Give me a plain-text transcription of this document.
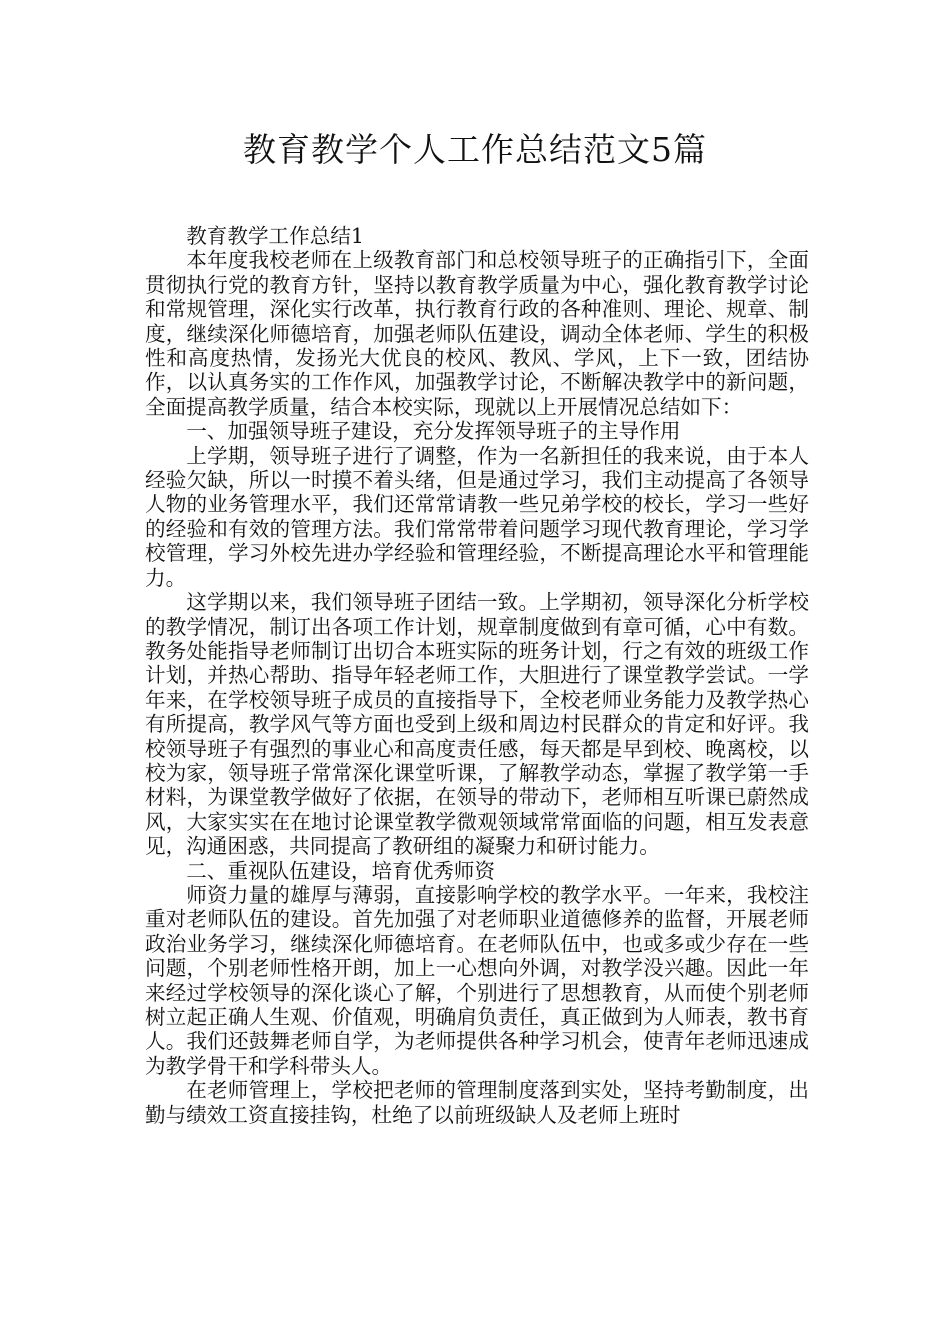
教育教学个人工作总结范文5篇

教育教学工作总结1

本年度我校老师在上级教育部门和总校领导班子的正确指引下，全面贯彻执行党的教育方针，坚持以教育教学质量为中心，强化教育教学讨论和常规管理，深化实行改革，执行教育行政的各种准则、理论、规章、制度，继续深化师德培育，加强老师队伍建设，调动全体老师、学生的积极性和高度热情，发扬光大优良的校风、教风、学风，上下一致，团结协作，以认真务实的工作作风，加强教学讨论，不断解决教学中的新问题，全面提高教学质量，结合本校实际，现就以上开展情况总结如下：

一、加强领导班子建设，充分发挥领导班子的主导作用

上学期，领导班子进行了调整，作为一名新担任的我来说，由于本人经验欠缺，所以一时摸不着头绪，但是通过学习，我们主动提高了各领导人物的业务管理水平，我们还常常请教一些兄弟学校的校长，学习一些好的经验和有效的管理方法。我们常常带着问题学习现代教育理论，学习学校管理，学习外校先进办学经验和管理经验，不断提高理论水平和管理能力。

这学期以来，我们领导班子团结一致。上学期初，领导深化分析学校的教学情况，制订出各项工作计划，规章制度做到有章可循，心中有数。教务处能指导老师制订出切合本班实际的班务计划，行之有效的班级工作计划，并热心帮助、指导年轻老师工作，大胆进行了课堂教学尝试。一学年来，在学校领导班子成员的直接指导下，全校老师业务能力及教学热心有所提高，教学风气等方面也受到上级和周边村民群众的肯定和好评。我校领导班子有强烈的事业心和高度责任感，每天都是早到校、晚离校，以校为家，领导班子常常深化课堂听课，了解教学动态，掌握了教学第一手材料，为课堂教学做好了依据，在领导的带动下，老师相互听课已蔚然成风，大家实实在在地讨论课堂教学微观领域常常面临的问题，相互发表意见，沟通困惑，共同提高了教研组的凝聚力和研讨能力。

二、重视队伍建设，培育优秀师资

师资力量的雄厚与薄弱，直接影响学校的教学水平。一年来，我校注重对老师队伍的建设。首先加强了对老师职业道德修养的监督，开展老师政治业务学习，继续深化师德培育。在老师队伍中，也或多或少存在一些问题，个别老师性格开朗，加上一心想向外调，对教学没兴趣。因此一年来经过学校领导的深化谈心了解，个别进行了思想教育，从而使个别老师树立起正确人生观、价值观，明确肩负责任，真正做到为人师表，教书育人。我们还鼓舞老师自学，为老师提供各种学习机会，使青年老师迅速成为教学骨干和学科带头人。

在老师管理上，学校把老师的管理制度落到实处，坚持考勤制度，出勤与绩效工资直接挂钩，杜绝了以前班级缺人及老师上班时
